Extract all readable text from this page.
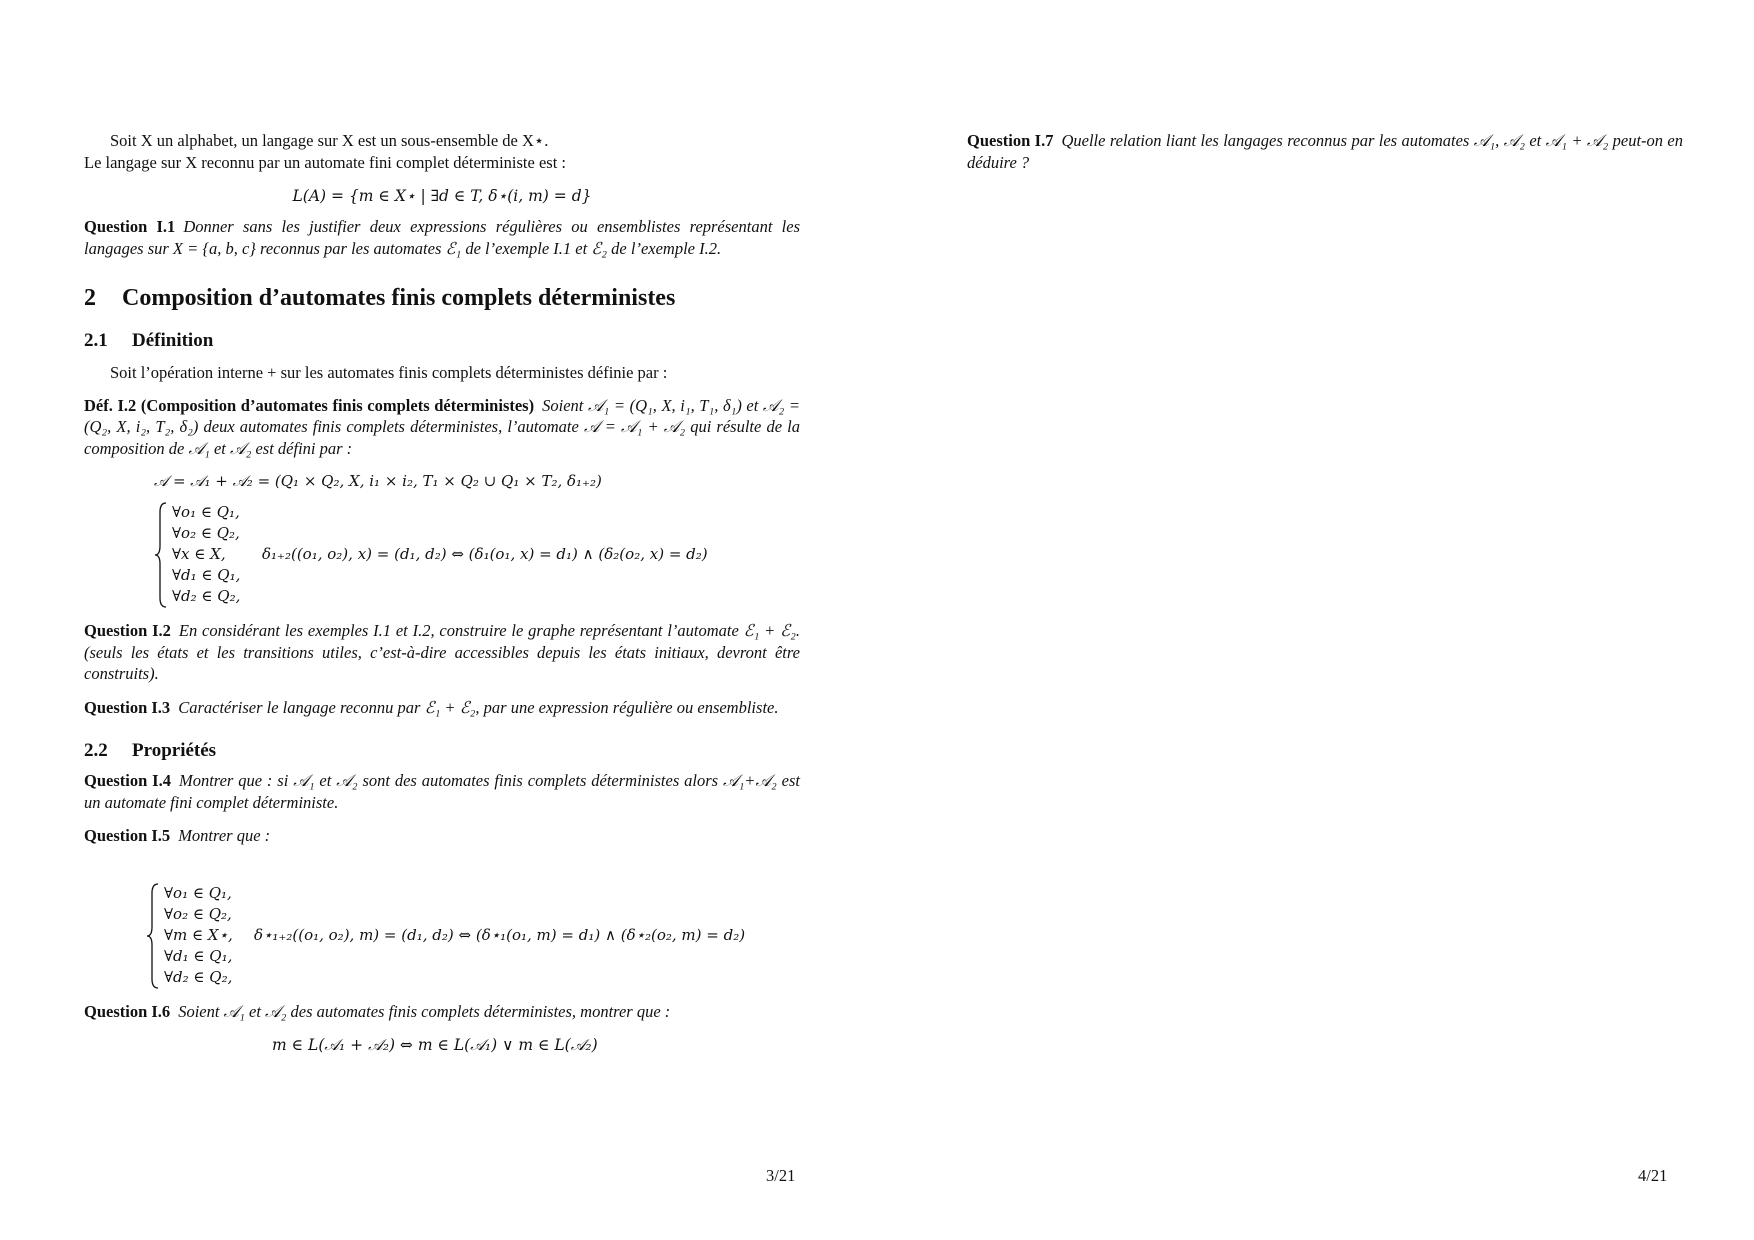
Soit X un alphabet, un langage sur X est un sous-ensemble de X⋆.

Le langage sur X reconnu par un automate fini complet déterministe est :

L(A) = {m ∈ X⋆ | ∃d ∈ T, δ⋆(i, m) = d}

Question I.1 Donner sans les justifier deux expressions régulières ou ensemblistes représentant les langages sur X = {a, b, c} reconnus par les automates ℰ₁ de l’exemple I.1 et ℰ₂ de l’exemple I.2.

2 Composition d’automates finis complets déterministes
2.1 Définition

Soit l’opération interne + sur les automates finis complets déterministes définie par :

Déf. I.2 (Composition d’automates finis complets déterministes) Soient 𝒜₁ = (Q₁, X, i₁, T₁, δ₁) et 𝒜₂ = (Q₂, X, i₂, T₂, δ₂) deux automates finis complets déterministes, l’automate 𝒜 = 𝒜₁ + 𝒜₂ qui résulte de la composition de 𝒜₁ et 𝒜₂ est défini par :

𝒜 = 𝒜₁ + 𝒜₂ = (Q₁ × Q₂, X, i₁ × i₂, T₁ × Q₂ ∪ Q₁ × T₂, δ₁₊₂)

∀o₁ ∈ Q₁,
∀o₂ ∈ Q₂,
∀x ∈ X,
∀d₁ ∈ Q₁,
∀d₂ ∈ Q₂,
δ₁₊₂((o₁, o₂), x) = (d₁, d₂) ⇔ (δ₁(o₁, x) = d₁) ∧ (δ₂(o₂, x) = d₂)

Question I.2 En considérant les exemples I.1 et I.2, construire le graphe représentant l’automate ℰ₁ + ℰ₂. (seuls les états et les transitions utiles, c’est-à-dire accessibles depuis les états initiaux, devront être construits).

Question I.3 Caractériser le langage reconnu par ℰ₁ + ℰ₂, par une expression régulière ou ensembliste.

2.2 Propriétés

Question I.4 Montrer que : si 𝒜₁ et 𝒜₂ sont des automates finis complets déterministes alors 𝒜₁+𝒜₂ est un automate fini complet déterministe.

Question I.5 Montrer que :

∀o₁ ∈ Q₁,
∀o₂ ∈ Q₂,
∀m ∈ X⋆,
∀d₁ ∈ Q₁,
∀d₂ ∈ Q₂,
δ⋆₁₊₂((o₁, o₂), m) = (d₁, d₂) ⇔ (δ⋆₁(o₁, m) = d₁) ∧ (δ⋆₂(o₂, m) = d₂)

Question I.6 Soient 𝒜₁ et 𝒜₂ des automates finis complets déterministes, montrer que :

m ∈ L(𝒜₁ + 𝒜₂) ⇔ m ∈ L(𝒜₁) ∨ m ∈ L(𝒜₂)

3/21

Question I.7 Quelle relation liant les langages reconnus par les automates 𝒜₁, 𝒜₂ et 𝒜₁ + 𝒜₂ peut-on en déduire ?

4/21
